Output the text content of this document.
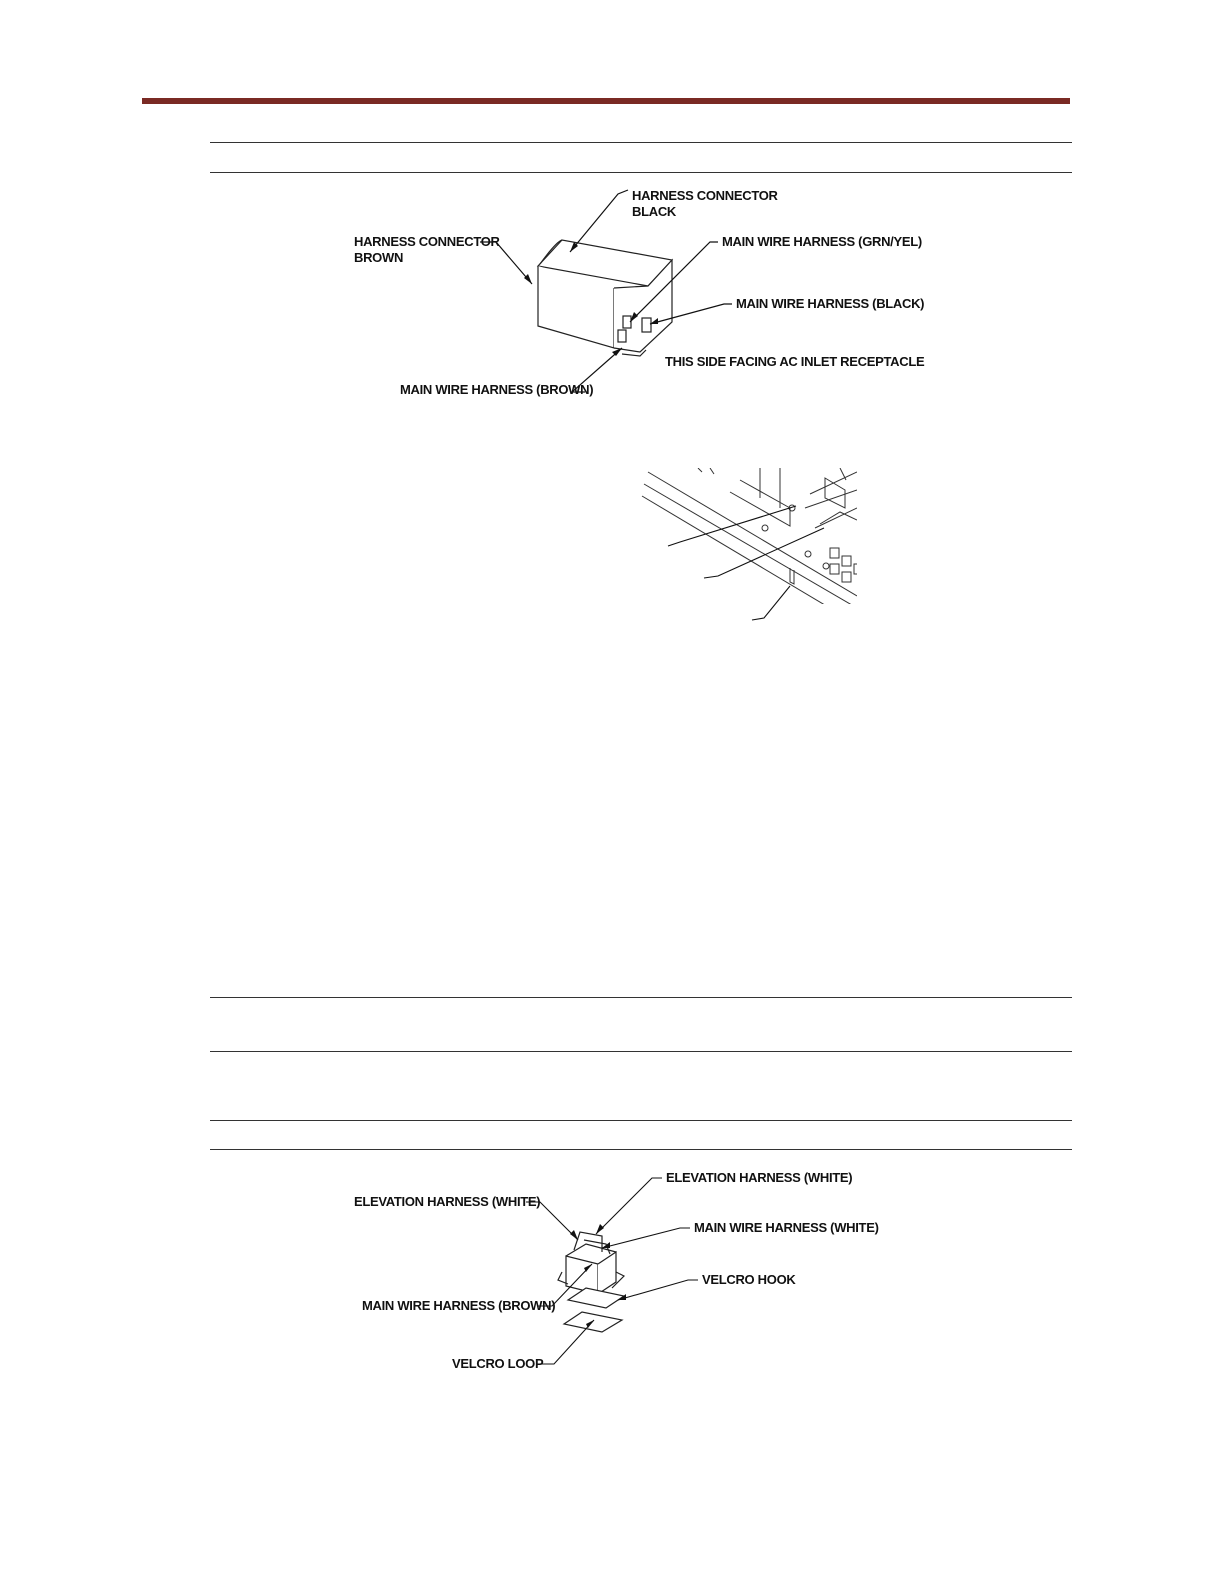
HARNESS CONNECTOR
BLACK
HARNESS CONNECTOR
BROWN
MAIN WIRE HARNESS (GRN/YEL)
MAIN WIRE HARNESS (BLACK)
THIS SIDE FACING AC INLET RECEPTACLE
MAIN WIRE HARNESS (BROWN)
ELEVATION HARNESS (WHITE)
ELEVATION HARNESS (WHITE)
MAIN WIRE HARNESS (WHITE)
VELCRO HOOK
MAIN WIRE HARNESS (BROWN)
VELCRO LOOP
